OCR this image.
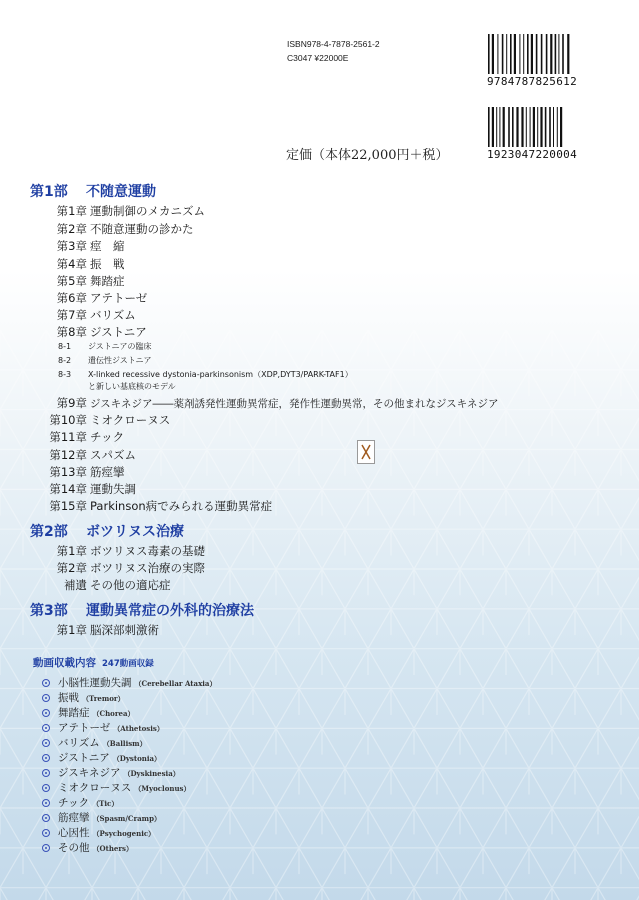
ISBN978-4-7878-2561-2
C3047 ¥22000E
9784787825612
1923047220004
定価（本体22,000円＋税）
第1部 不随意運動
第1章 運動制御のメカニズム
第2章 不随意運動の診かた
第3章 痙　縮
第4章 振　戦
第5章 舞踏症
第6章 アテトーゼ
第7章 バリズム
第8章 ジストニア
8-1 ジストニアの臨床
8-2 遺伝性ジストニア
8-3 X-linked recessive dystonia-parkinsonism（XDP,DYT3/PARK-TAF1）
と新しい基底核のモデル
第9章 ジスキネジア――薬剤誘発性運動異常症，発作性運動異常，その他まれなジスキネジア
第10章 ミオクローヌス
第11章 チック
第12章 スパズム
第13章 筋痙攣
第14章 運動失調
第15章 Parkinson病でみられる運動異常症
第2部 ボツリヌス治療
第1章 ボツリヌス毒素の基礎
第2章 ボツリヌス治療の実際
補遺 その他の適応症
第3部 運動異常症の外科的治療法
第1章 脳深部刺激術
動画収載内容 247動画収録
小脳性運動失調 （Cerebellar Ataxia）
振戦 （Tremor）
舞踏症 （Chorea）
アテトーゼ （Athetosis）
バリズム （Ballism）
ジストニア （Dystonia）
ジスキネジア （Dyskinesia）
ミオクローヌス （Myoclonus）
チック （Tic）
筋痙攣 （Spasm/Cramp）
心因性 （Psychogenic）
その他 （Others）
